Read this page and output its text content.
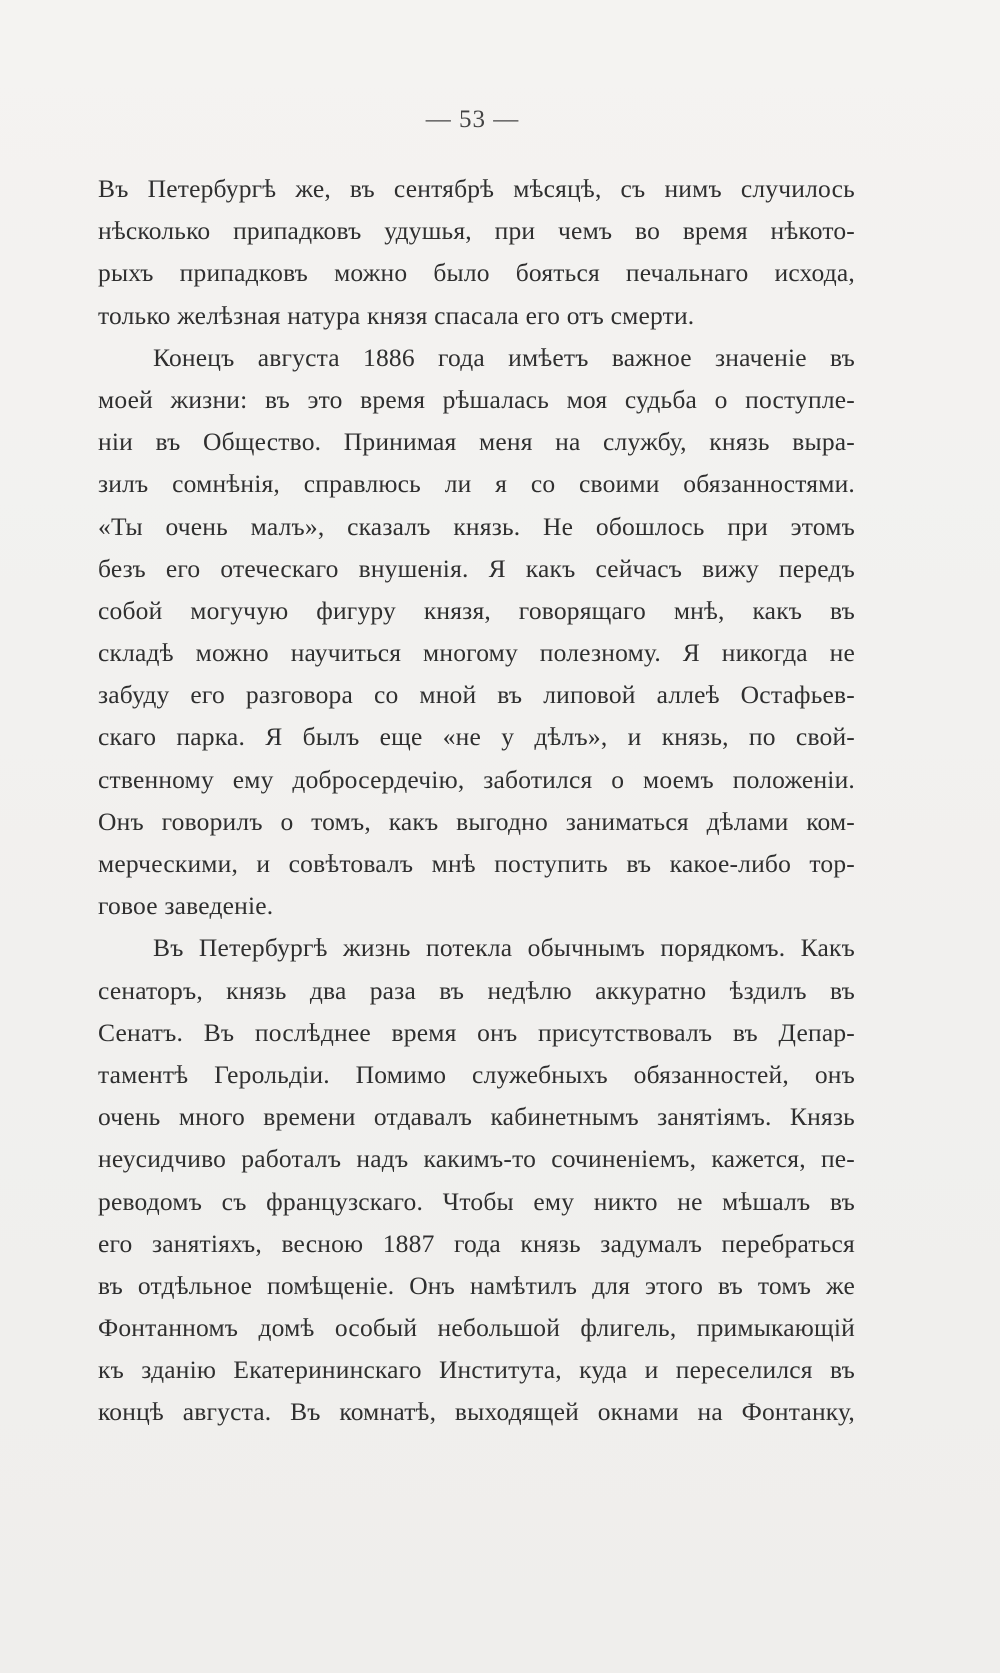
— 53 —
Въ Петербургѣ же, въ сентябрѣ мѣсяцѣ, съ нимъ случилось
нѣсколько припадковъ удушья, при чемъ во время нѣкото-
рыхъ припадковъ можно было бояться печальнаго исхода,
только желѣзная натура князя спасала его отъ смерти.
Конецъ августа 1886 года имѣетъ важное значенiе въ
моей жизни: въ это время рѣшалась моя судьба о поступле-
нiи въ Общество. Принимая меня на службу, князь выра-
зилъ сомнѣнiя, справлюсь ли я со своими обязанностями.
«Ты очень малъ», сказалъ князь. Не обошлось при этомъ
безъ его отеческаго внушенiя. Я какъ сейчасъ вижу передъ
собой могучую фигуру князя, говорящаго мнѣ, какъ въ
складѣ можно научиться многому полезному. Я никогда не
забуду его разговора со мной въ липовой аллеѣ Остафьев-
скаго парка. Я былъ еще «не у дѣлъ», и князь, по свой-
ственному ему добросердечiю, заботился о моемъ положенiи.
Онъ говорилъ о томъ, какъ выгодно заниматься дѣлами ком-
мерческими, и совѣтовалъ мнѣ поступить въ какое-либо тор-
говое заведенiе.
Въ Петербургѣ жизнь потекла обычнымъ порядкомъ. Какъ
сенаторъ, князь два раза въ недѣлю аккуратно ѣздилъ въ
Сенатъ. Въ послѣднее время онъ присутствовалъ въ Депар-
таментѣ Герольдiи. Помимо служебныхъ обязанностей, онъ
очень много времени отдавалъ кабинетнымъ занятiямъ. Князь
неусидчиво работалъ надъ какимъ-то сочиненiемъ, кажется, пе-
реводомъ съ французскаго. Чтобы ему никто не мѣшалъ въ
его занятiяхъ, весною 1887 года князь задумалъ перебраться
въ отдѣльное помѣщенiе. Онъ намѣтилъ для этого въ томъ же
Фонтанномъ домѣ особый небольшой флигель, примыкающiй
къ зданiю Екатерининскаго Института, куда и переселился въ
концѣ августа. Въ комнатѣ, выходящей окнами на Фонтанку,
